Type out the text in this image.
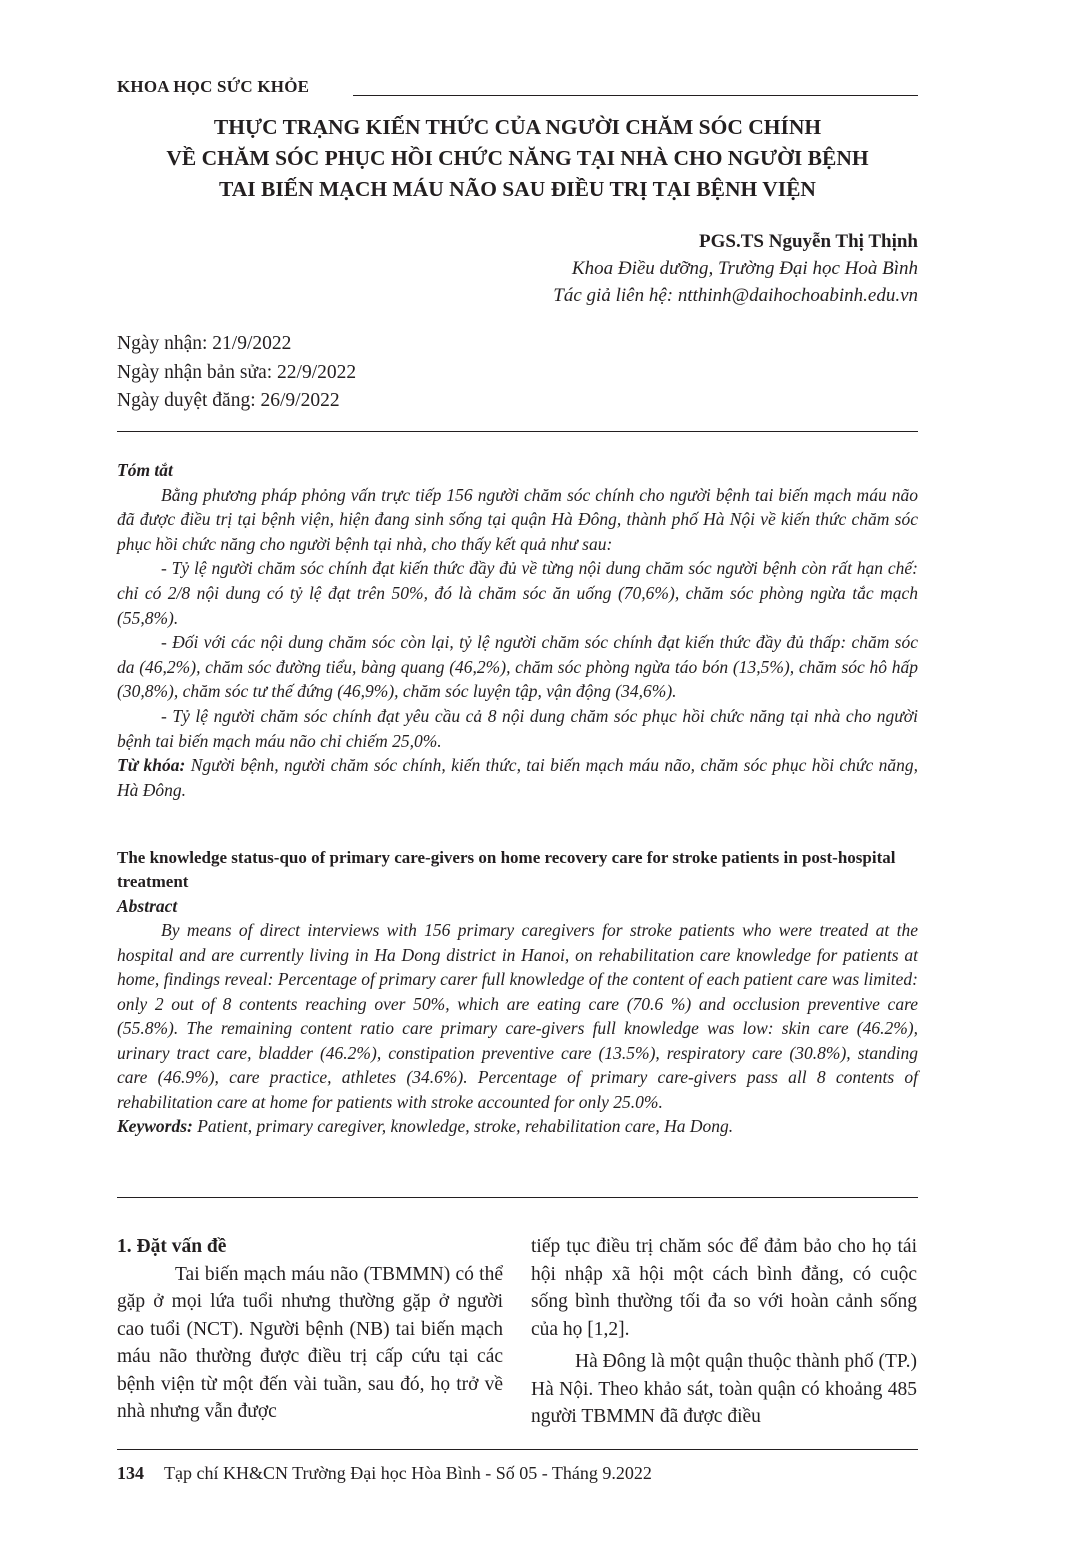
KHOA HỌC SỨC KHỎE
THỰC TRẠNG KIẾN THỨC CỦA NGƯỜI CHĂM SÓC CHÍNH
VỀ CHĂM SÓC PHỤC HỒI CHỨC NĂNG TẠI NHÀ CHO NGƯỜI BỆNH
TAI BIẾN MẠCH MÁU NÃO SAU ĐIỀU TRỊ TẠI BỆNH VIỆN
PGS.TS Nguyễn Thị Thịnh
Khoa Điều dưỡng, Trường Đại học Hoà Bình
Tác giả liên hệ: ntthinh@daihochoabinh.edu.vn
Ngày nhận: 21/9/2022
Ngày nhận bản sửa: 22/9/2022
Ngày duyệt đăng: 26/9/2022

Tóm tắt

Bằng phương pháp phỏng vấn trực tiếp 156 người chăm sóc chính cho người bệnh tai biến mạch máu não đã được điều trị tại bệnh viện, hiện đang sinh sống tại quận Hà Đông, thành phố Hà Nội về kiến thức chăm sóc phục hồi chức năng cho người bệnh tại nhà, cho thấy kết quả như sau:

- Tỷ lệ người chăm sóc chính đạt kiến thức đầy đủ về từng nội dung chăm sóc người bệnh còn rất hạn chế: chỉ có 2/8 nội dung có tỷ lệ đạt trên 50%, đó là chăm sóc ăn uống (70,6%), chăm sóc phòng ngừa tắc mạch (55,8%).

- Đối với các nội dung chăm sóc còn lại, tỷ lệ người chăm sóc chính đạt kiến thức đầy đủ thấp: chăm sóc da (46,2%), chăm sóc đường tiểu, bàng quang (46,2%), chăm sóc phòng ngừa táo bón (13,5%), chăm sóc hô hấp (30,8%), chăm sóc tư thế đứng (46,9%), chăm sóc luyện tập, vận động (34,6%).

- Tỷ lệ người chăm sóc chính đạt yêu cầu cả 8 nội dung chăm sóc phục hồi chức năng tại nhà cho người bệnh tai biến mạch máu não chỉ chiếm 25,0%.

Từ khóa: Người bệnh, người chăm sóc chính, kiến thức, tai biến mạch máu não, chăm sóc phục hồi chức năng, Hà Đông.

The knowledge status-quo of primary care-givers on home recovery care for stroke patients in post-hospital treatment

Abstract

By means of direct interviews with 156 primary caregivers for stroke patients who were treated at the hospital and are currently living in Ha Dong district in Hanoi, on rehabilitation care knowledge for patients at home, findings reveal: Percentage of primary carer full knowledge of the content of each patient care was limited: only 2 out of 8 contents reaching over 50%, which are eating care (70.6 %) and occlusion preventive care (55.8%). The remaining content ratio care primary care-givers full knowledge was low: skin care (46.2%), urinary tract care, bladder (46.2%), constipation preventive care (13.5%), respiratory care (30.8%), standing care (46.9%), care practice, athletes (34.6%). Percentage of primary care-givers pass all 8 contents of rehabilitation care at home for patients with stroke accounted for only 25.0%.

Keywords: Patient, primary caregiver, knowledge, stroke, rehabilitation care, Ha Dong.

1. Đặt vấn đề

Tai biến mạch máu não (TBMMN) có thể gặp ở mọi lứa tuổi nhưng thường gặp ở người cao tuổi (NCT). Người bệnh (NB) tai biến mạch máu não thường được điều trị cấp cứu tại các bệnh viện từ một đến vài tuần, sau đó, họ trở về nhà nhưng vẫn được

tiếp tục điều trị chăm sóc để đảm bảo cho họ tái hội nhập xã hội một cách bình đẳng, có cuộc sống bình thường tối đa so với hoàn cảnh sống của họ [1,2].

Hà Đông là một quận thuộc thành phố (TP.) Hà Nội. Theo khảo sát, toàn quận có khoảng 485 người TBMMN đã được điều

134 Tạp chí KH&CN Trường Đại học Hòa Bình - Số 05 - Tháng 9.2022
